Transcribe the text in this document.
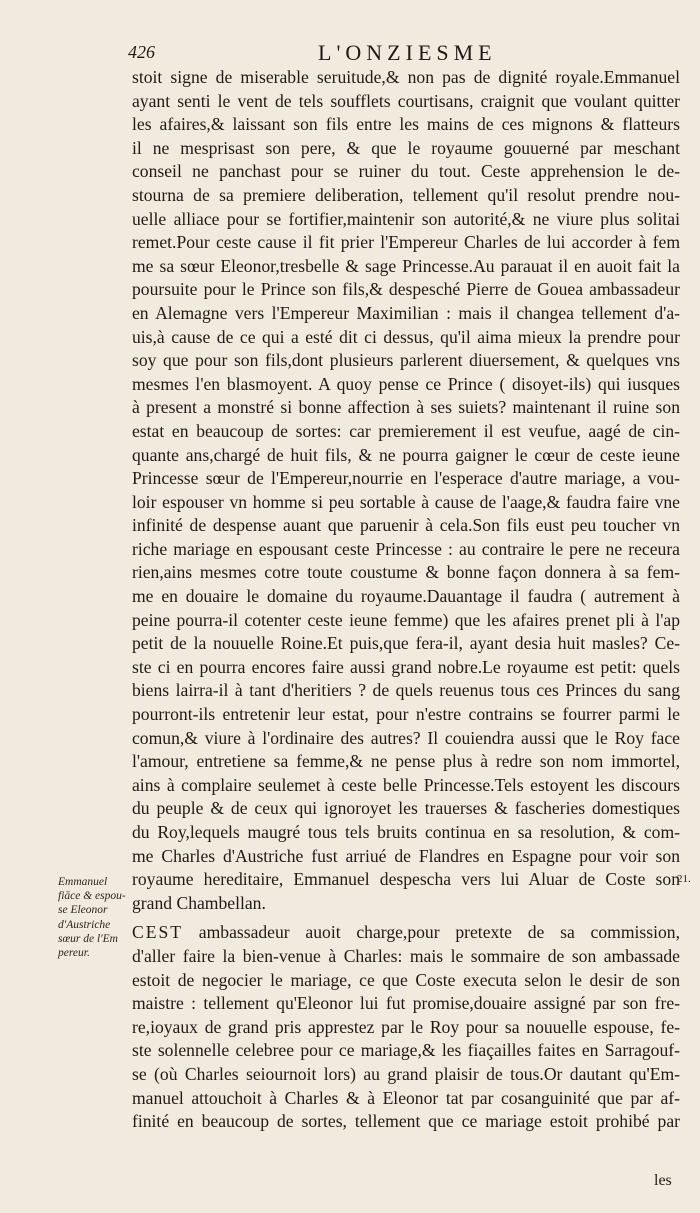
426	L'ONZIESME
stoit signe de miserable seruitude,& non pas de dignité royale.Emmanuel
ayant senti le vent de tels soufflets courtisans, craignit que voulant quitter
les afaires,& laissant son fils entre les mains de ces mignons & flatteurs
il ne mesprisast son pere, & que le royaume gouuerné par meschant
conseil ne panchast pour se ruiner du tout. Ceste apprehension le de-
stourna de sa premiere deliberation, tellement qu'il resolut prendre nou-
uelle alliace pour se fortifier,maintenir son autorité,& ne viure plus solitai
remet.Pour ceste cause il fit prier l'Empereur Charles de lui accorder à fem
me sa sœur Eleonor,tresbelle & sage Princesse.Au parauat il en auoit fait la
poursuite pour le Prince son fils,& despesché Pierre de Gouea ambassadeur
en Alemagne vers l'Empereur Maximilian : mais il changea tellement d'a-
uis,à cause de ce qui a esté dit ci dessus, qu'il aima mieux la prendre pour
soy que pour son fils,dont plusieurs parlerent diuersement, & quelques vns
mesmes l'en blasmoyent. A quoy pense ce Prince ( disoyet-ils) qui iusques
à present a monstré si bonne affection à ses suiets? maintenant il ruine son
estat en beaucoup de sortes: car premierement il est veufue, aagé de cin-
quante ans,chargé de huit fils, & ne pourra gaigner le cœur de ceste ieune
Princesse sœur de l'Empereur,nourrie en l'esperace d'autre mariage, a vou-
loir espouser vn homme si peu sortable à cause de l'aage,& faudra faire vne
infinité de despense auant que paruenir à cela.Son fils eust peu toucher vn
riche mariage en espousant ceste Princesse : au contraire le pere ne receura
rien,ains mesmes cotre toute coustume & bonne façon donnera à sa fem-
me en douaire le domaine du royaume.Dauantage il faudra ( autrement à
peine pourra-il cotenter ceste ieune femme) que les afaires prenet pli à l'ap
petit de la nouuelle Roine.Et puis,que fera-il, ayant desia huit masles? Ce-
ste ci en pourra encores faire aussi grand nobre.Le royaume est petit: quels
biens lairra-il à tant d'heritiers ? de quels reuenus tous ces Princes du sang
pourront-ils entretenir leur estat, pour n'estre contrains se fourrer parmi le
comun,& viure à l'ordinaire des autres? Il couiendra aussi que le Roy face
l'amour, entretiene sa femme,& ne pense plus à redre son nom immortel,
ains à complaire seulemet à ceste belle Princesse.Tels estoyent les discours
du peuple & de ceux qui ignoroyet les trauerses & fascheries domestiques
du Roy,lequels maugré tous tels bruits continua en sa resolution, & com-
me Charles d'Austriche fust arriué de Flandres en Espagne pour voir son
royaume hereditaire, Emmanuel despescha vers lui Aluar de Coste son
grand Chambellan.
CEST ambassadeur auoit charge,pour pretexte de sa commission,
d'aller faire la bien-venue à Charles: mais le sommaire de son ambassade
estoit de negocier le mariage, ce que Coste executa selon le desir de son
maistre : tellement qu'Eleonor lui fut promise,douaire assigné par son fre-
re,ioyaux de grand pris apprestez par le Roy pour sa nouuelle espouse, fe-
ste solennelle celebree pour ce mariage,& les fiaçailles faites en Sarragouf-
se (où Charles seiournoit lors) au grand plaisir de tous.Or dautant qu'Em-
manuel attouchoit à Charles & à Eleonor tat par cosanguinité que par af-
finité en beaucoup de sortes, tellement que ce mariage estoit prohibé par
Emmanuel
fiāce & espou-
se Eleonor
d'Austriche
sœur de l'Em
pereur.
21.
les
